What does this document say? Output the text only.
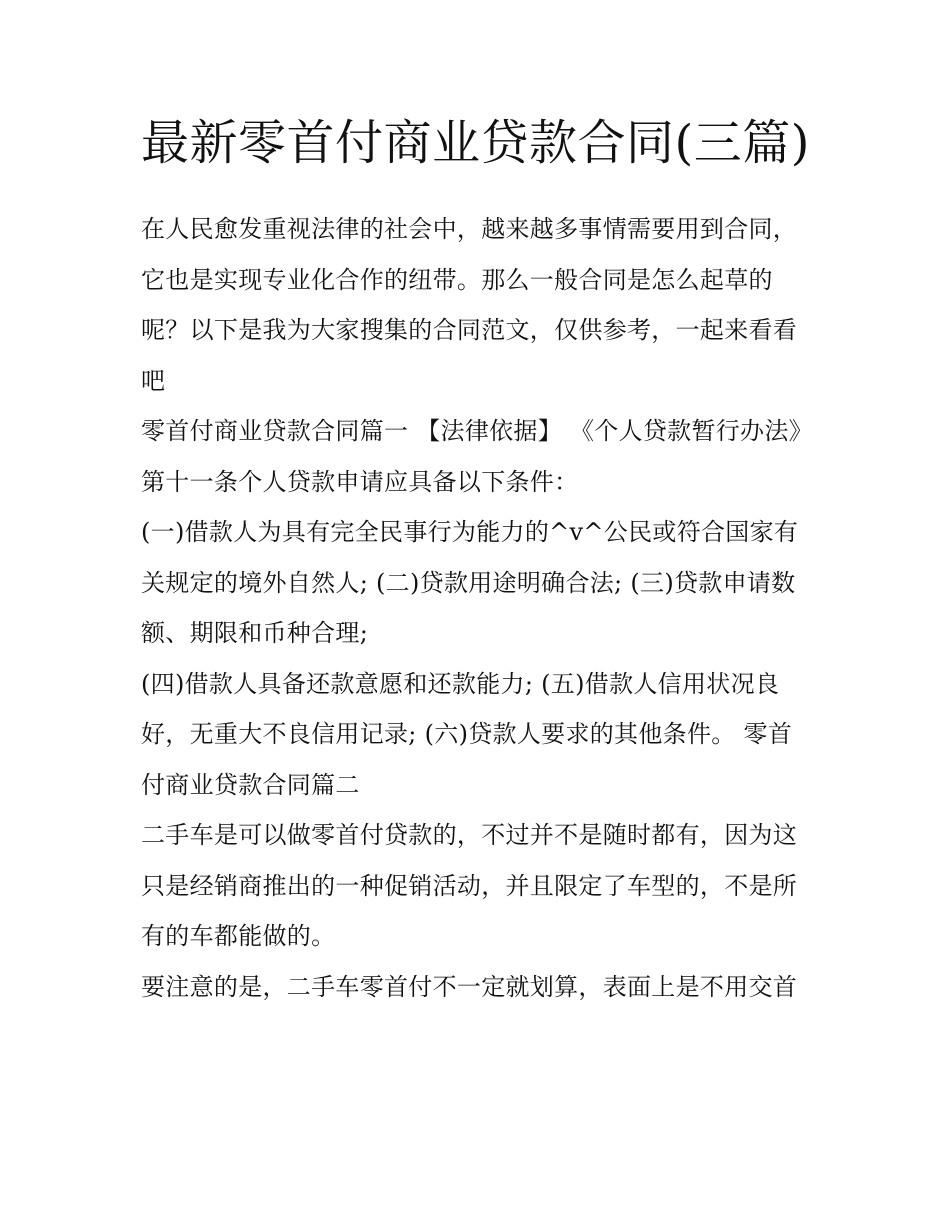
最新零首付商业贷款合同(三篇)

在人民愈发重视法律的社会中，越来越多事情需要用到合同，它也是实现专业化合作的纽带。那么一般合同是怎么起草的呢？以下是我为大家搜集的合同范文，仅供参考，一起来看看吧

零首付商业贷款合同篇一 【法律依据】 《个人贷款暂行办法》 第十一条个人贷款申请应具备以下条件：

(一)借款人为具有完全民事行为能力的^v^公民或符合国家有关规定的境外自然人; (二)贷款用途明确合法; (三)贷款申请数额、期限和币种合理;

(四)借款人具备还款意愿和还款能力; (五)借款人信用状况良好，无重大不良信用记录; (六)贷款人要求的其他条件。 零首付商业贷款合同篇二

二手车是可以做零首付贷款的，不过并不是随时都有，因为这只是经销商推出的一种促销活动，并且限定了车型的，不是所有的车都能做的。

要注意的是，二手车零首付不一定就划算，表面上是不用交首
